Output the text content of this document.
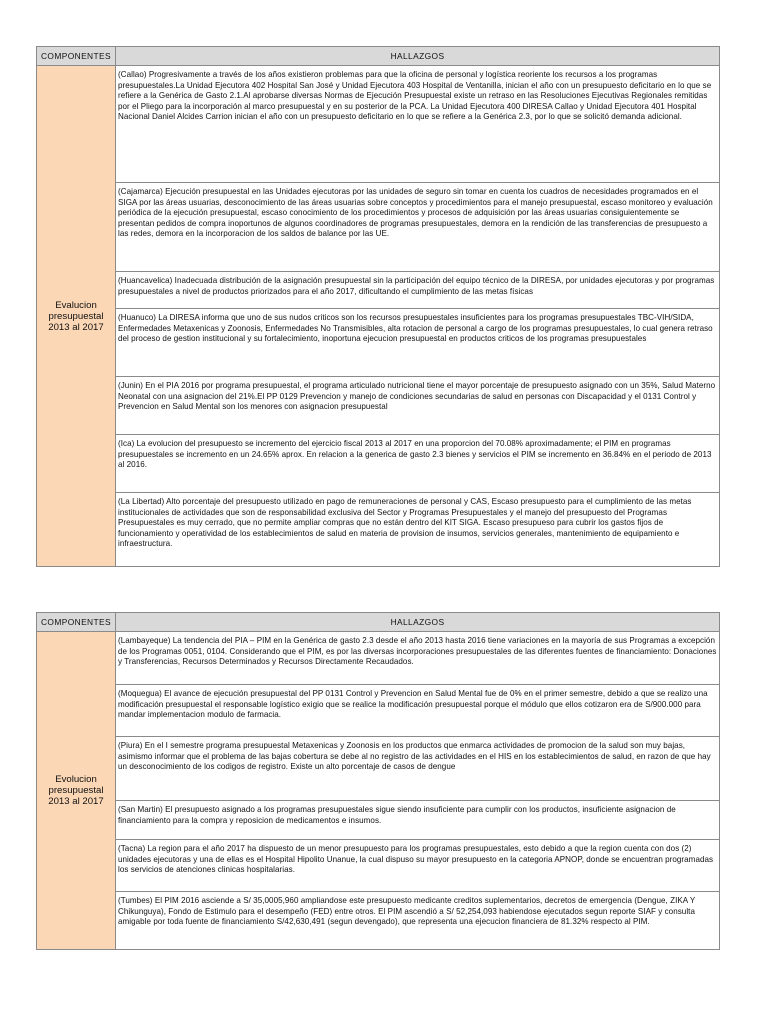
COMPONENTES	HALLAZGOS
Evalucion presupuestal 2013 al 2017	(Callao) Progresivamente a través de los años existieron problemas para que la oficina de personal y logística reoriente los recursos a los programas presupuestales.La Unidad Ejecutora 402 Hospital San José y Unidad Ejecutora 403 Hospital de Ventanilla, inician el año con un presupuesto deficitario en lo que se refiere a la Genérica de Gasto 2.1.Al aprobarse diversas Normas de Ejecución Presupuestal existe un retraso en las Resoluciones Ejecutivas Regionales remitidas por el Pliego para la incorporación al marco presupuestal y en su posterior de la PCA. La Unidad Ejecutora 400 DIRESA Callao y Unidad Ejecutora 401 Hospital Nacional Daniel Alcides Carrion inician el año con un presupuesto deficitario en lo que se refiere a la Genérica 2.3, por lo que se solicitó demanda adicional.
	(Cajamarca) Ejecución presupuestal en las Unidades ejecutoras por las unidades de seguro sin tomar en cuenta los cuadros de necesidades programados en el SIGA por las áreas usuarias, desconocimiento de las áreas usuarias sobre conceptos y procedimientos para el manejo presupuestal, escaso monitoreo y evaluación periódica de la ejecución presupuestal, escaso conocimiento de los procedimientos y procesos de adquisición por las áreas usuarias consiguientemente se presentan pedidos de compra inoportunos de algunos coordinadores de programas presupuestales, demora en la rendición de las transferencias de presupuesto a las redes, demora en la incorporacion de los saldos de balance por las UE.
	(Huancavelica) Inadecuada distribución de la asignación presupuestal sin la participación del equipo técnico de la DIRESA, por unidades ejecutoras y por programas presupuestales a nivel de productos priorizados para el año 2017, dificultando el cumplimiento de las metas físicas
	(Huanuco) La DIRESA informa que uno de sus nudos criticos son los recursos presupuestales insuficientes para los programas presupuestales TBC-VIH/SIDA, Enfermedades Metaxenicas y Zoonosis, Enfermedades No Transmisibles, alta rotacion de personal a cargo de los programas presupuestales, lo cual genera retraso del proceso de gestion institucional y su fortalecimiento, inoportuna ejecucion presupuestal en productos criticos de los programas presupuestales
	(Junin) En el PIA 2016 por programa presupuestal, el programa articulado nutricional tiene el mayor porcentaje de presupuesto asignado con un 35%, Salud Materno Neonatal con una asignacion del 21%.El PP 0129 Prevencion y manejo de condiciones secundarias de salud en personas con Discapacidad y el 0131 Control y Prevencion en Salud Mental son los menores con asignacion presupuestal
	(Ica) La evolucion del presupuesto se incremento del ejercicio fiscal 2013 al 2017 en una proporcion del 70.08% aproximadamente; el PIM en programas presupuestales se incremento en un 24.65% aprox. En relacion a la generica de gasto 2.3 bienes y servicios el PIM se incremento en 36.84% en el periodo de 2013 al 2016.
	(La Libertad) Alto porcentaje del presupuesto utilizado en pago de remuneraciones de personal y CAS, Escaso presupuesto para el cumplimiento de las metas institucionales de actividades que son de responsabilidad exclusiva del Sector y Programas Presupuestales y el manejo del presupuesto del Programas Presupuestales es muy cerrado, que no permite ampliar compras que no están dentro del KIT SIGA. Escaso presupueso para cubrir los gastos fijos de funcionamiento y operatividad de los establecimientos de salud en materia de provision de insumos, servicios generales, mantenimiento de equipamiento e infraestructura.
COMPONENTES	HALLAZGOS
Evolucion presupuestal 2013 al 2017	(Lambayeque) La tendencia del PIA – PIM en la Genérica de gasto 2.3 desde el año 2013 hasta 2016 tiene variaciones en la mayoría de sus Programas a excepción de los Programas 0051, 0104. Considerando que el PIM, es por las diversas incorporaciones presupuestales de las diferentes fuentes de financiamiento: Donaciones y Transferencias, Recursos Determinados y Recursos Directamente Recaudados.
	(Moquegua) El avance de ejecución presupuestal del PP 0131 Control y Prevencion en Salud Mental fue de 0% en el primer semestre, debido a que se realizo una modificación presupuestal el responsable logístico exigio que se realice la modificación presupuestal porque el módulo que ellos cotizaron era de S/900.000 para mandar implementacion modulo de farmacia.
	(Piura) En el I semestre programa presupuestal Metaxenicas y Zoonosis en los productos que enmarca actividades de promocion de la salud son muy bajas, asimismo informar que el problema de las bajas cobertura se debe al no registro de las actividades en el HIS en los establecimientos de salud, en razon de que hay un desconocimiento de los codigos de registro. Existe un alto porcentaje de casos de dengue
	(San Martin) El presupuesto asignado a los programas presupuestales sigue siendo insuficiente para cumplir con los productos, insuficiente asignacion de financiamiento para la compra y reposicion de medicamentos e insumos.
	(Tacna) La region para el año 2017 ha dispuesto de un menor presupuesto para los programas presupuestales, esto debido a que la region cuenta con dos (2) unidades ejecutoras y una de ellas es el Hospital Hipolito Unanue, la cual dispuso su mayor presupuesto en la categoria APNOP, donde se encuentran programadas los servicios de atenciones clinicas hospitalarias.
	(Tumbes) El PIM 2016 asciende a S/ 35,0005,960 ampliandose este presupuesto medicante creditos suplementarios, decretos de emergencia (Dengue, ZIKA Y Chikunguya), Fondo de Estimulo para el desempeño (FED) entre otros. El PIM ascendió a S/ 52,254,093 habiendose ejecutados segun reporte SIAF y consulta amigable por toda fuente de financiamiento S/42,630,491 (segun devengado), que representa una ejecucion financiera de 81.32% respecto al PIM.
